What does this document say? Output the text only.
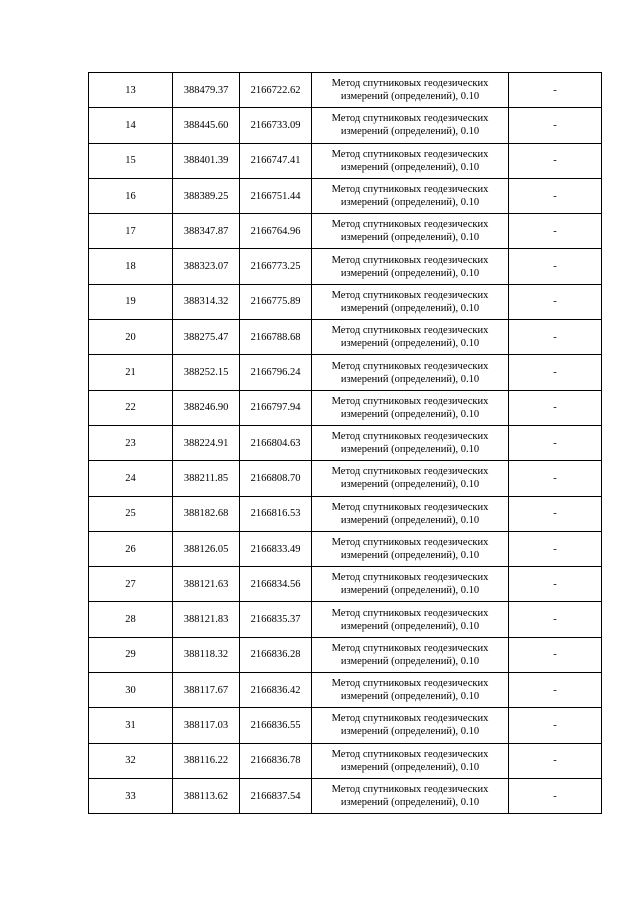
13	388479.37	2166722.62	Метод спутниковых геодезических
измерений (определений), 0.10	-
14	388445.60	2166733.09	Метод спутниковых геодезических
измерений (определений), 0.10	-
15	388401.39	2166747.41	Метод спутниковых геодезических
измерений (определений), 0.10	-
16	388389.25	2166751.44	Метод спутниковых геодезических
измерений (определений), 0.10	-
17	388347.87	2166764.96	Метод спутниковых геодезических
измерений (определений), 0.10	-
18	388323.07	2166773.25	Метод спутниковых геодезических
измерений (определений), 0.10	-
19	388314.32	2166775.89	Метод спутниковых геодезических
измерений (определений), 0.10	-
20	388275.47	2166788.68	Метод спутниковых геодезических
измерений (определений), 0.10	-
21	388252.15	2166796.24	Метод спутниковых геодезических
измерений (определений), 0.10	-
22	388246.90	2166797.94	Метод спутниковых геодезических
измерений (определений), 0.10	-
23	388224.91	2166804.63	Метод спутниковых геодезических
измерений (определений), 0.10	-
24	388211.85	2166808.70	Метод спутниковых геодезических
измерений (определений), 0.10	-
25	388182.68	2166816.53	Метод спутниковых геодезических
измерений (определений), 0.10	-
26	388126.05	2166833.49	Метод спутниковых геодезических
измерений (определений), 0.10	-
27	388121.63	2166834.56	Метод спутниковых геодезических
измерений (определений), 0.10	-
28	388121.83	2166835.37	Метод спутниковых геодезических
измерений (определений), 0.10	-
29	388118.32	2166836.28	Метод спутниковых геодезических
измерений (определений), 0.10	-
30	388117.67	2166836.42	Метод спутниковых геодезических
измерений (определений), 0.10	-
31	388117.03	2166836.55	Метод спутниковых геодезических
измерений (определений), 0.10	-
32	388116.22	2166836.78	Метод спутниковых геодезических
измерений (определений), 0.10	-
33	388113.62	2166837.54	Метод спутниковых геодезических
измерений (определений), 0.10	-
